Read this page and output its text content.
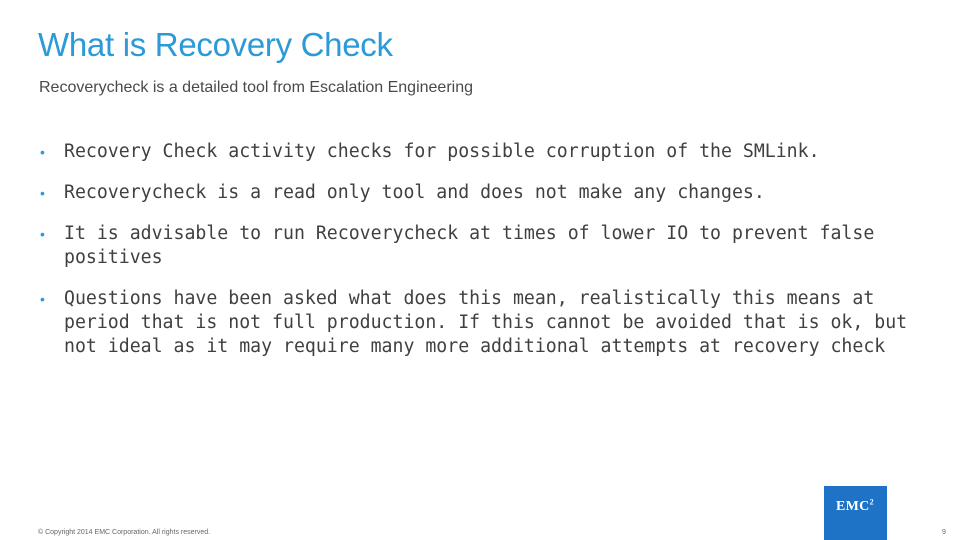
What is Recovery Check

Recoverycheck is a detailed tool from Escalation Engineering

• Recovery Check activity checks for possible corruption of the SMLink.
• Recoverycheck is a read only tool and does not make any changes.
• It is advisable to run Recoverycheck at times of lower IO to prevent false positives
• Questions have been asked what does this mean, realistically this means at period that is not full production. If this cannot be avoided that is ok, but not ideal as it may require many more additional attempts at recovery check
© Copyright 2014 EMC Corporation. All rights reserved.	9
EMC$^2$
